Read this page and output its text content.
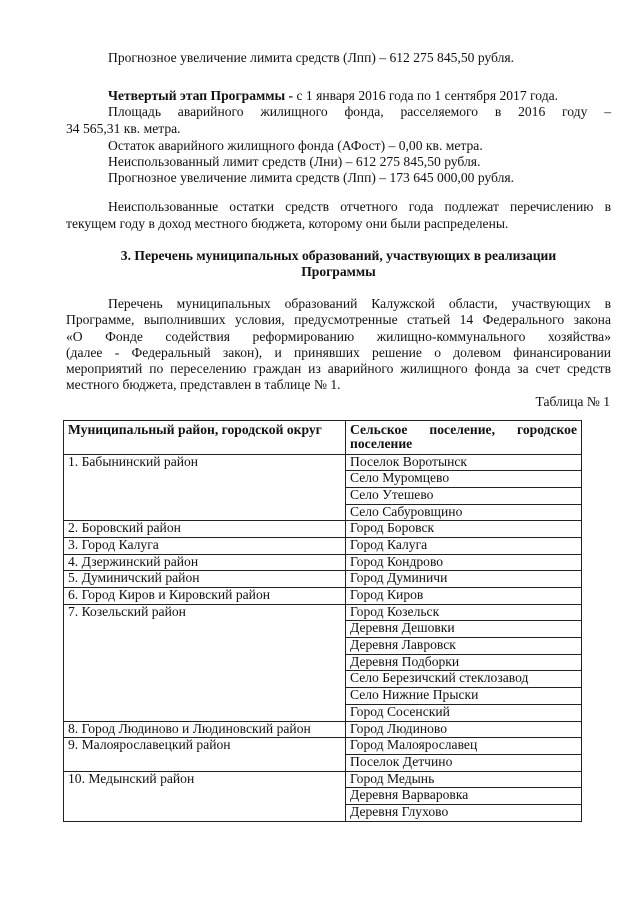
Прогнозное увеличение лимита средств (Лпп) – 612 275 845,50 рубля.
Четвертый этап Программы - с 1 января 2016 года по 1 сентября 2017 года.
Площадь аварийного жилищного фонда, расселяемого в 2016 году –
34 565,31 кв. метра.
Остаток аварийного жилищного фонда (АФост) – 0,00 кв. метра.
Неиспользованный лимит средств (Лни) – 612 275 845,50 рубля.
Прогнозное увеличение лимита средств (Лпп) – 173 645 000,00 рубля.
Неиспользованные остатки средств отчетного года подлежат перечислению в
текущем году в доход местного бюджета, которому они были распределены.
3. Перечень муниципальных образований, участвующих в реализации
Программы
Перечень муниципальных образований Калужской области, участвующих в
Программе, выполнивших условия, предусмотренные статьей 14 Федерального закона
«О Фонде содействия реформированию жилищно-коммунального хозяйства»
(далее - Федеральный закон), и принявших решение о долевом финансировании
мероприятий по переселению граждан из аварийного жилищного фонда за счет средств
местного бюджета, представлен в таблице № 1.
Таблица № 1
Муниципальный район, городской округ	Сельское поселение, городское поселение
1. Бабынинский район	Поселок Воротынск
	Село Муромцево
	Село Утешево
	Село Сабуровщино
2. Боровский район	Город Боровск
3. Город Калуга	Город Калуга
4. Дзержинский район	Город Кондрово
5. Думиничский район	Город Думиничи
6. Город Киров и Кировский район	Город Киров
7. Козельский район	Город Козельск
	Деревня Дешовки
	Деревня Лавровск
	Деревня Подборки
	Село Березичский стеклозавод
	Село Нижние Прыски
	Город Сосенский
8. Город Людиново и Людиновский район	Город Людиново
9. Малоярославецкий район	Город Малоярославец
	Поселок Детчино
10. Медынский район	Город Медынь
	Деревня Варваровка
	Деревня Глухово
